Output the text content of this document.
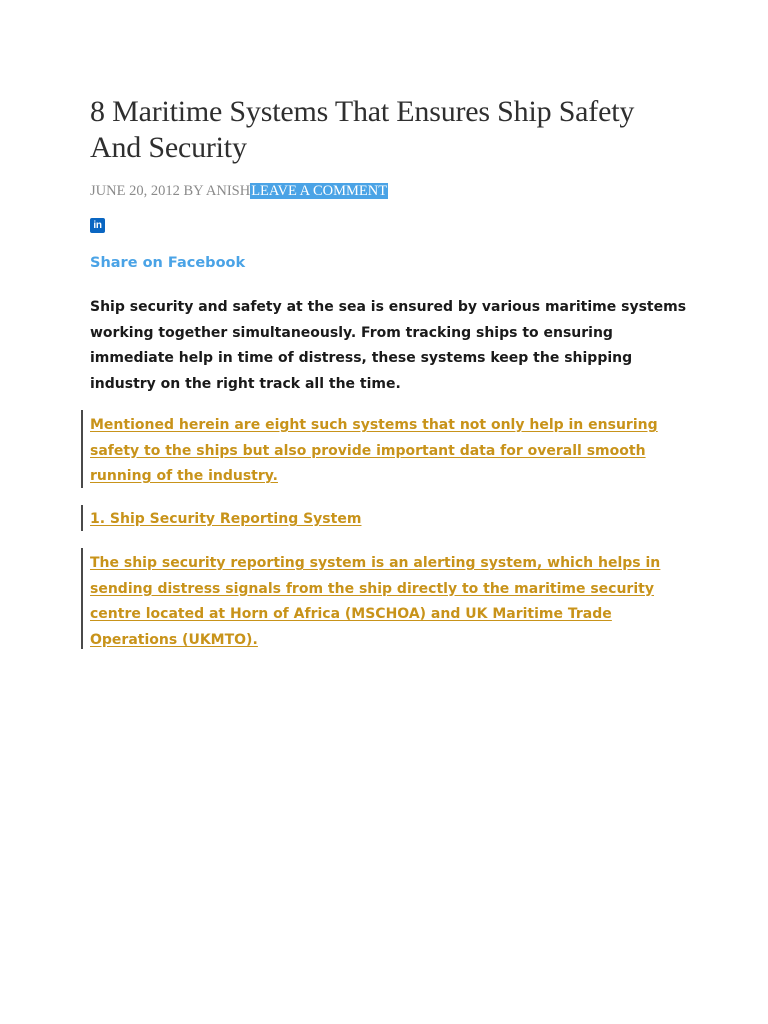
8 Maritime Systems That Ensures Ship Safety And Security
JUNE 20, 2012 BY ANISHLEAVE A COMMENT
in
Share on Facebook

Ship security and safety at the sea is ensured by various maritime systems working together simultaneously. From tracking ships to ensuring immediate help in time of distress, these systems keep the shipping industry on the right track all the time.

Mentioned herein are eight such systems that not only help in ensuring safety to the ships but also provide important data for overall smooth running of the industry.

1. Ship Security Reporting System

The ship security reporting system is an alerting system, which helps in sending distress signals from the ship directly to the maritime security centre located at Horn of Africa (MSCHOA) and UK Maritime Trade Operations (UKMTO).
